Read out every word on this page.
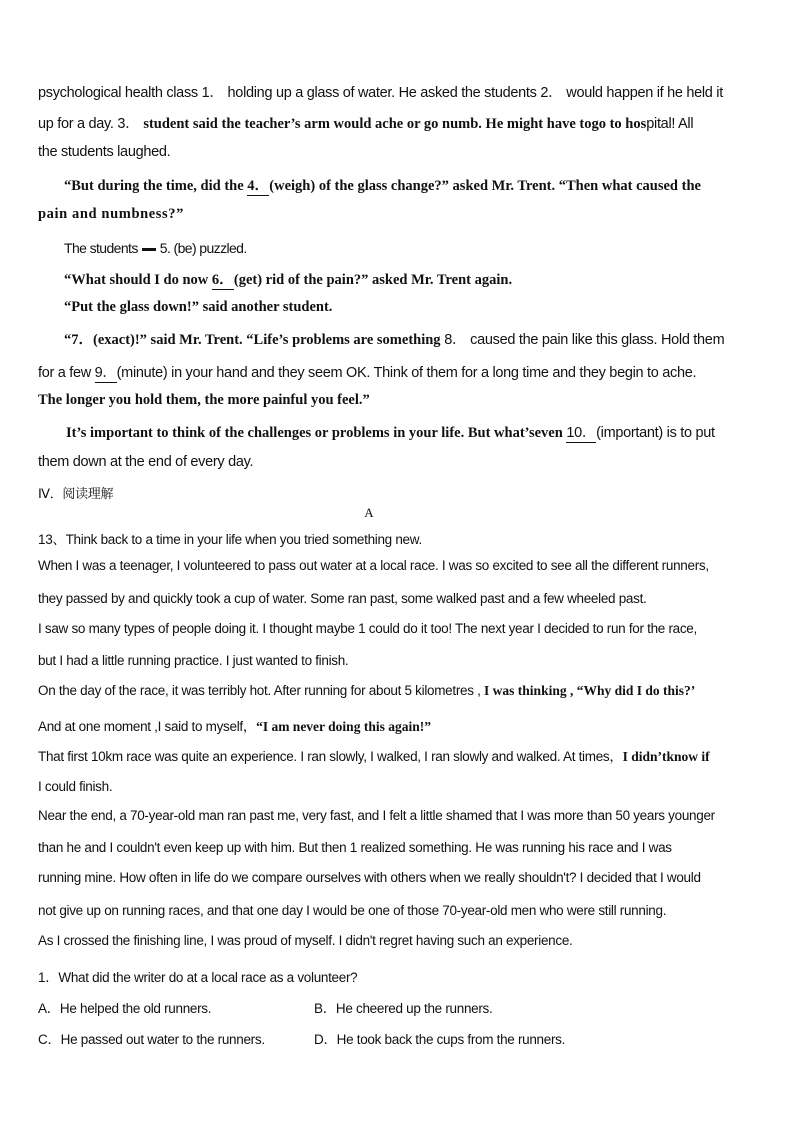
psychological health class 1． holding up a glass of water. He asked the students 2． would happen if he held it
up for a day. 3． student said the teacher’s arm would ache or go numb. He might have togo to hospital! All
the students laughed.
“But during the time, did the 4．(weigh) of the glass change?” asked Mr. Trent. “Then what caused the
pain and numbness?”
The students 5. (be) puzzled.
“What should I do now 6．(get) rid of the pain?” asked Mr. Trent again.
“Put the glass down!” said another student.
“7．(exact)!” said Mr. Trent. “Life’s problems are something 8． caused the pain like this glass. Hold them
for a few 9．(minute) in your hand and they seem OK. Think of them for a long time and they begin to ache.
The longer you hold them, the more painful you feel.”
It’s important to think of the challenges or problems in your life. But what’seven 10．(important) is to put
them down at the end of every day.
Ⅳ．阅读理解
A
13、Think back to a time in your life when you tried something new.
When I was a teenager, I volunteered to pass out water at a local race. I was so excited to see all the different runners,
they passed by and quickly took a cup of water. Some ran past, some walked past and a few wheeled past.
I saw so many types of people doing it. I thought maybe 1 could do it too! The next year I decided to run for the race,
but I had a little running practice. I just wanted to finish.
On the day of the race, it was terribly hot. After running for about 5 kilometres , I was thinking , “Why did I do this?’
And at one moment ,I said to myself，“I am never doing this again!”
That first 10km race was quite an experience. I ran slowly, I walked, I ran slowly and walked. At times，I didn’tknow if
I could finish.
Near the end, a 70-year-old man ran past me, very fast, and I felt a little shamed that I was more than 50 years younger
than he and I couldn't even keep up with him. But then 1 realized something. He was running his race and I was
running mine. How often in life do we compare ourselves with others when we really shouldn't? I decided that I would
not give up on running races, and that one day I would be one of those 70-year-old men who were still running.
As I crossed the finishing line, I was proud of myself. I didn't regret having such an experience.
1．What did the writer do at a local race as a volunteer?
A．He helped the old runners.	B．He cheered up the runners.
C．He passed out water to the runners.	D．He took back the cups from the runners.
